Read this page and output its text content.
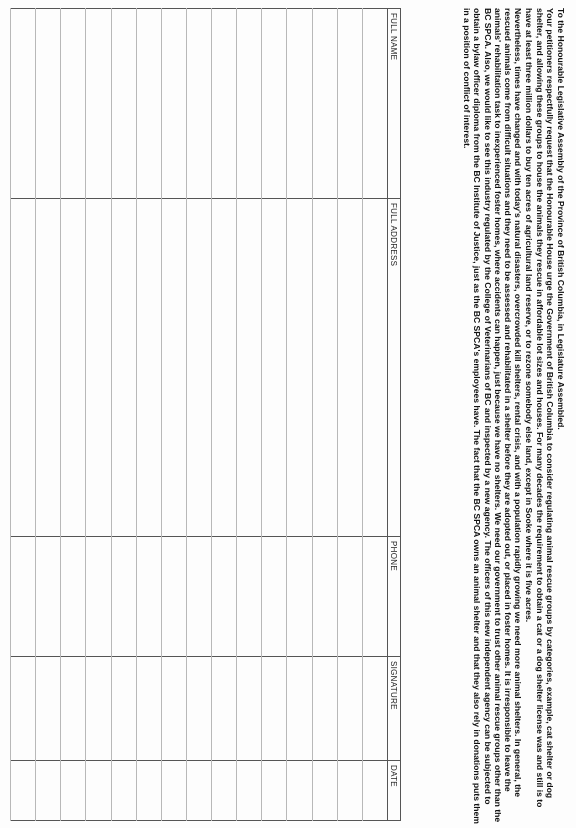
To the Honourable Legislative Assembly of the Province of British Columbia, in Legislature Assembled.

Your petitioners respectfully request that the Honourable House urge the Government of British Columbia to consider regulating animal rescue groups by categories, example, cat shelter or dog shelter, and allowing these groups to house the animals they rescue in affordable lot sizes and houses. For many decades the requirement to obtain a cat or a dog shelter license was and still is to have at least three million dollars to buy ten acres of agricultural land reserve, or to rezone somebody else land, except in Sooke where it is five acres.

Nevertheless, times have changed and with today's natural disasters, overcrowded kill shelters, rental crisis, and with a population rapidly growing we need more animal shelters. In general, the rescued animals come from difficult situations and they need to be assessed and rehabilitated in a shelter before they are adopted out, or placed in foster homes. It is irresponsible to leave the animals' rehabilitation task to inexperienced foster homes, where accidents can happen, just because we have no shelters. We need our government to trust other animal rescue groups other than the BC SPCA. Also, we would like to see this industry regulated by the College of Veterinarians of BC and inspected by a new agency. The officers of this new independent agency can be subjected to obtain a bylaw officer diploma from the BC Institute of Justice, just as the BC SPCA's employees have. The fact that the BC SPCA owns an animal shelter and that they also rely in donations puts them in a position of conflict of interest.

FULL NAME	FULL ADDRESS	PHONE	SIGNATURE	DATE
